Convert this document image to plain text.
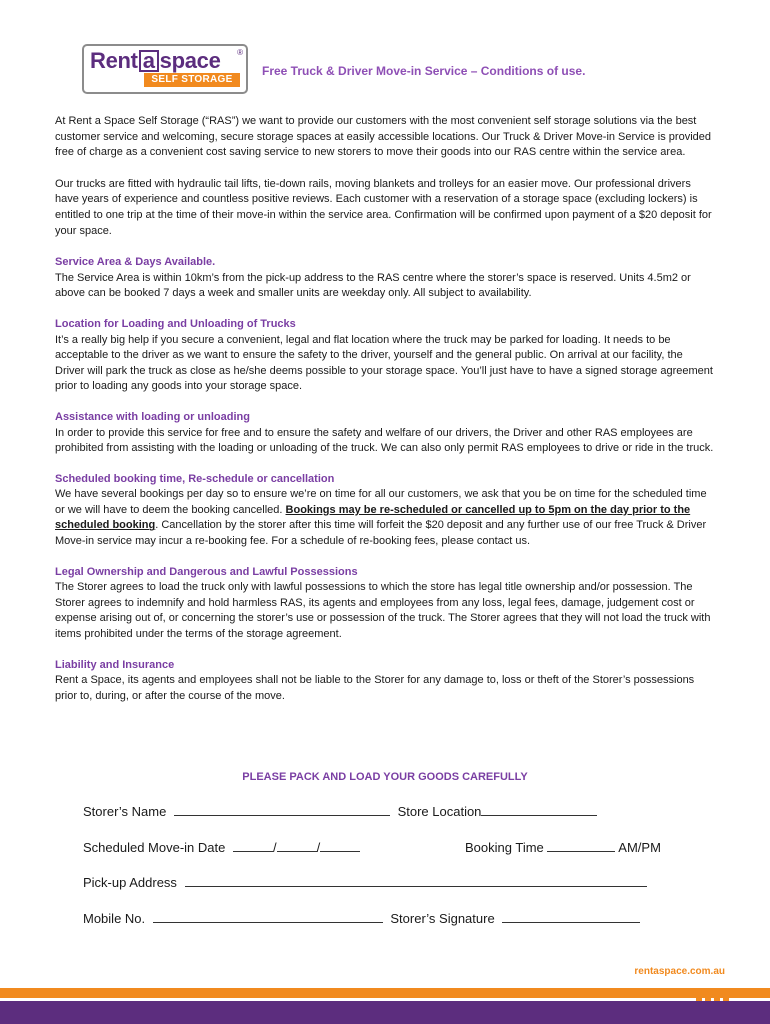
Rent a space ®
SELF STORAGE
Free Truck & Driver Move-in Service – Conditions of use.

At Rent a Space Self Storage (“RAS”) we want to provide our customers with the most convenient self storage solutions via the best customer service and welcoming, secure storage spaces at easily accessible locations. Our Truck & Driver Move-in Service is provided free of charge as a convenient cost saving service to new storers to move their goods into our RAS centre within the service area.

Our trucks are fitted with hydraulic tail lifts, tie-down rails, moving blankets and trolleys for an easier move. Our professional drivers have years of experience and countless positive reviews. Each customer with a reservation of a storage space (excluding lockers) is entitled to one trip at the time of their move-in within the service area. Confirmation will be confirmed upon payment of a $20 deposit for your space.

Service Area & Days Available.
The Service Area is within 10km’s from the pick-up address to the RAS centre where the storer’s space is reserved. Units 4.5m2 or above can be booked 7 days a week and smaller units are weekday only. All subject to availability.
Location for Loading and Unloading of Trucks
It’s a really big help if you secure a convenient, legal and flat location where the truck may be parked for loading. It needs to be acceptable to the driver as we want to ensure the safety to the driver, yourself and the general public. On arrival at our facility, the Driver will park the truck as close as he/she deems possible to your storage space. You’ll just have to have a signed storage agreement prior to loading any goods into your storage space.
Assistance with loading or unloading
In order to provide this service for free and to ensure the safety and welfare of our drivers, the Driver and other RAS employees are prohibited from assisting with the loading or unloading of the truck. We can also only permit RAS employees to drive or ride in the truck.
Scheduled booking time, Re-schedule or cancellation
We have several bookings per day so to ensure we’re on time for all our customers, we ask that you be on time for the scheduled time or we will have to deem the booking cancelled. Bookings may be re-scheduled or cancelled up to 5pm on the day prior to the scheduled booking. Cancellation by the storer after this time will forfeit the $20 deposit and any further use of our free Truck & Driver Move-in service may incur a re-booking fee. For a schedule of re-booking fees, please contact us.
Legal Ownership and Dangerous and Lawful Possessions
The Storer agrees to load the truck only with lawful possessions to which the store has legal title ownership and/or possession. The Storer agrees to indemnify and hold harmless RAS, its agents and employees from any loss, legal fees, damage, judgement cost or expense arising out of, or concerning the storer’s use or possession of the truck. The Storer agrees that they will not load the truck with items prohibited under the terms of the storage agreement.
Liability and Insurance
Rent a Space, its agents and employees shall not be liable to the Storer for any damage to, loss or theft of the Storer’s possessions prior to, during, or after the course of the move.
PLEASE PACK AND LOAD YOUR GOODS CAREFULLY
Storer’s Name	Store Location
Scheduled Move-in Date	/	/	Booking Time	AM/PM
Pick-up Address
Mobile No.	Storer’s Signature
rentaspace.com.au
